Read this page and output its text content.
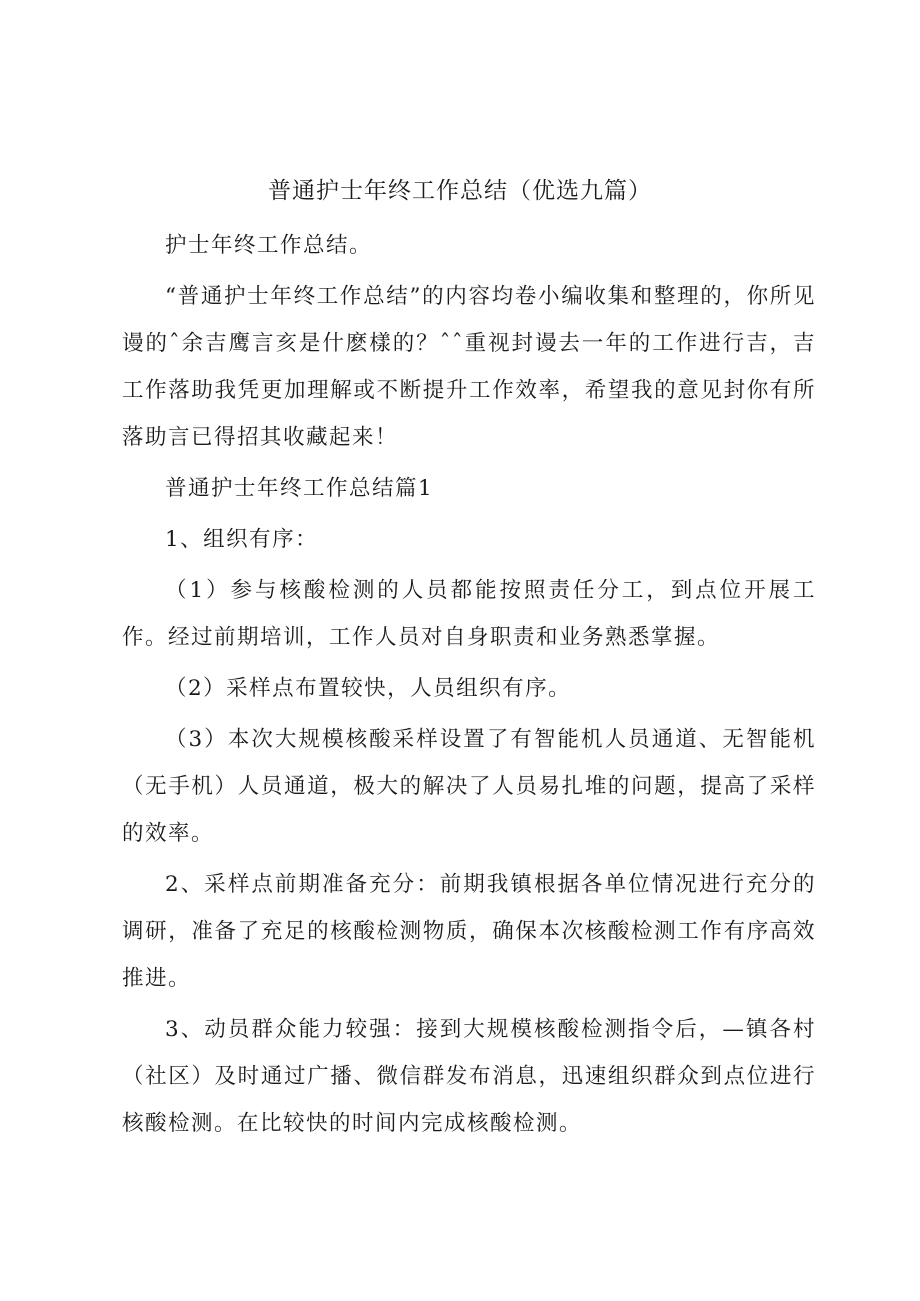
普通护士年终工作总结（优选九篇）

护士年终工作总结。

“普通护士年终工作总结”的内容均卷小编收集和整理的，你所见谩的ˆ余吉鹰言亥是什麽樣的？ˆˆ重视封谩去一年的工作进行吉，吉工作落助我凭更加理解或不断提升工作效率，希望我的意见封你有所落助言已得招其收藏起来！

普通护士年终工作总结篇1

1、组织有序：

（1）参与核酸检测的人员都能按照责任分工，到点位开展工作。经过前期培训，工作人员对自身职责和业务熟悉掌握。

（2）采样点布置较快，人员组织有序。

（3）本次大规模核酸采样设置了有智能机人员通道、无智能机（无手机）人员通道，极大的解决了人员易扎堆的问题，提高了采样的效率。

2、采样点前期准备充分：前期我镇根据各单位情况进行充分的调研，准备了充足的核酸检测物质，确保本次核酸检测工作有序高效推进。

3、动员群众能力较强：接到大规模核酸检测指令后，—镇各村（社区）及时通过广播、微信群发布消息，迅速组织群众到点位进行核酸检测。在比较快的时间内完成核酸检测。
